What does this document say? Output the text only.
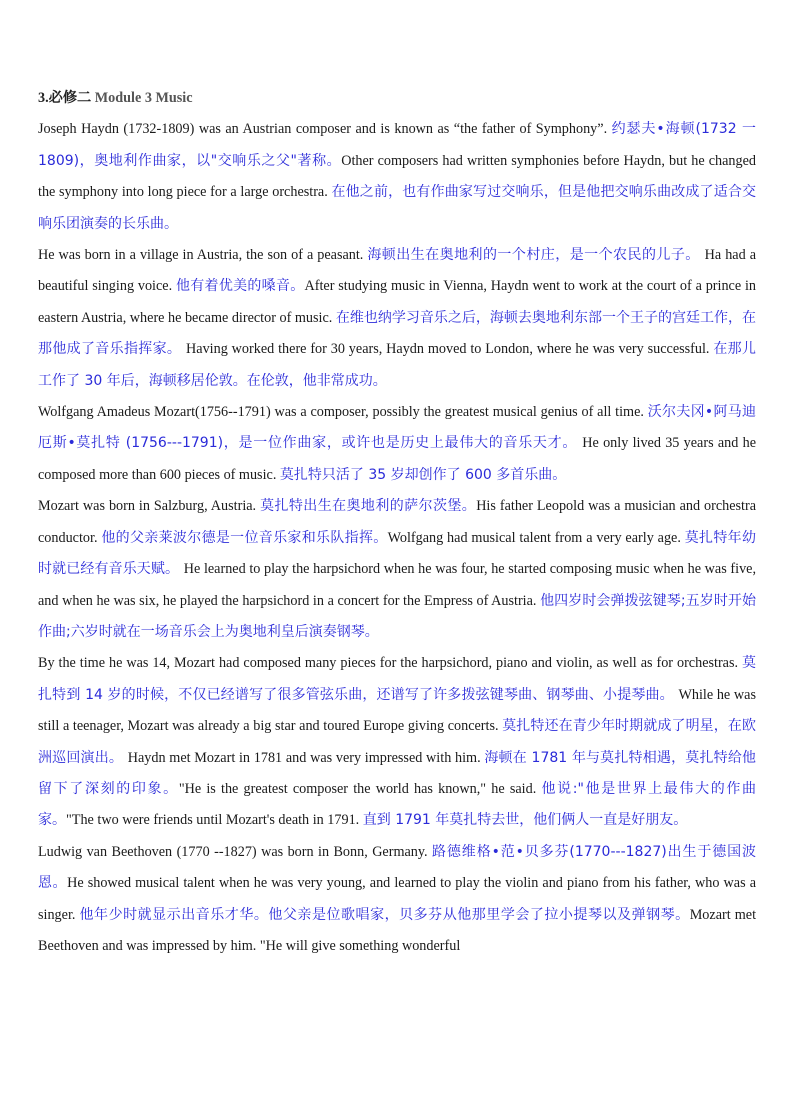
3.必修二 Module 3 Music

Joseph Haydn (1732-1809) was an Austrian composer and is known as “the father of Symphony”. 约瑟夫•海顿(1732 一 1809)，奥地利作曲家，以"交响乐之父"著称。Other composers had written symphonies before Haydn, but he changed the symphony into long piece for a large orchestra. 在他之前，也有作曲家写过交响乐，但是他把交响乐曲改成了适合交响乐团演奏的长乐曲。

He was born in a village in Austria, the son of a peasant. 海顿出生在奥地利的一个村庄，是一个农民的儿子。 Ha had a beautiful singing voice. 他有着优美的嗓音。After studying music in Vienna, Haydn went to work at the court of a prince in eastern Austria, where he became director of music. 在维也纳学习音乐之后，海顿去奥地利东部一个王子的宫廷工作，在那他成了音乐指挥家。 Having worked there for 30 years, Haydn moved to London, where he was very successful. 在那儿工作了 30 年后，海顿移居伦敦。在伦敦，他非常成功。

Wolfgang Amadeus Mozart(1756--1791) was a composer, possibly the greatest musical genius of all time. 沃尔夫冈•阿马迪厄斯•莫扎特 (1756---1791)，是一位作曲家，或许也是历史上最伟大的音乐天才。 He only lived 35 years and he composed more than 600 pieces of music. 莫扎特只活了 35 岁却创作了 600 多首乐曲。

Mozart was born in Salzburg, Austria. 莫扎特出生在奥地利的萨尔茨堡。His father Leopold was a musician and orchestra conductor. 他的父亲莱波尔德是一位音乐家和乐队指挥。Wolfgang had musical talent from a very early age. 莫扎特年幼时就已经有音乐天赋。 He learned to play the harpsichord when he was four, he started composing music when he was five, and when he was six, he played the harpsichord in a concert for the Empress of Austria. 他四岁时会弹拨弦键琴;五岁时开始作曲;六岁时就在一场音乐会上为奥地利皇后演奏钢琴。

By the time he was 14, Mozart had composed many pieces for the harpsichord, piano and violin, as well as for orchestras. 莫扎特到 14 岁的时候，不仅已经谱写了很多管弦乐曲，还谱写了许多拨弦键琴曲、钢琴曲、小提琴曲。 While he was still a teenager, Mozart was already a big star and toured Europe giving concerts. 莫扎特还在青少年时期就成了明星，在欧洲巡回演出。 Haydn met Mozart in 1781 and was very impressed with him. 海顿在 1781 年与莫扎特相遇，莫扎特给他留下了深刻的印象。"He is the greatest composer the world has known," he said. 他说:"他是世界上最伟大的作曲家。"The two were friends until Mozart's death in 1791. 直到 1791 年莫扎特去世，他们俩人一直是好朋友。

Ludwig van Beethoven (1770 --1827) was born in Bonn, Germany. 路德维格•范•贝多芬(1770---1827)出生于德国波恩。He showed musical talent when he was very young, and learned to play the violin and piano from his father, who was a singer. 他年少时就显示出音乐才华。他父亲是位歌唱家，贝多芬从他那里学会了拉小提琴以及弹钢琴。Mozart met Beethoven and was impressed by him. "He will give something wonderful
